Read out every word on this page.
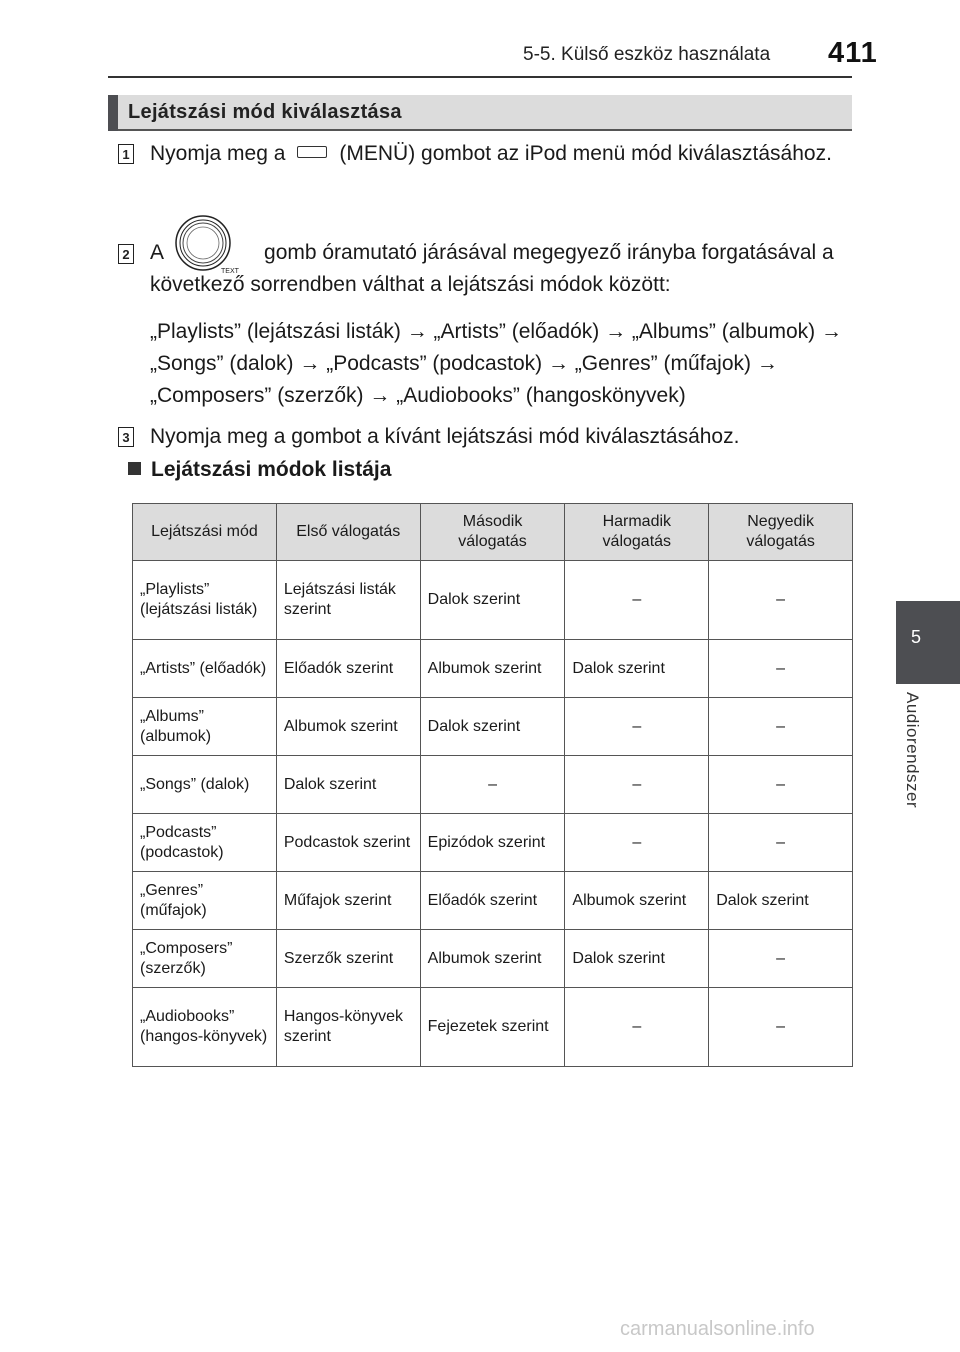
5-5. Külső eszköz használata 411
5
Audiorendszer
Lejátszási mód kiválasztása
1 Nyomja meg a	(MENÜ) gombot az iPod menü mód kiválasztásához.
2 A	gomb óramutató járásával megegyező irányba forgatásával a következő sorrendben válthat a lejátszási módok között:
TEXT
„Playlists” (lejátszási listák) → „Artists” (előadók) → „Albums” (albumok) → „Songs” (dalok) → „Podcasts” (podcastok) → „Genres” (műfajok) → „Composers” (szerzők) → „Audiobooks” (hangoskönyvek)
3 Nyomja meg a gombot a kívánt lejátszási mód kiválasztásához.
Lejátszási módok listája
Lejátszási mód	Első válogatás	Második válogatás	Harmadik válogatás	Negyedik válogatás
„Playlists” (lejátszási listák)	Lejátszási listák szerint	Dalok szerint	–	–
„Artists” (előadók)	Előadók szerint	Albumok szerint	Dalok szerint	–
„Albums” (albumok)	Albumok szerint	Dalok szerint	–	–
„Songs” (dalok)	Dalok szerint	–	–	–
„Podcasts” (podcastok)	Podcastok szerint	Epizódok szerint	–	–
„Genres” (műfajok)	Műfajok szerint	Előadók szerint	Albumok szerint	Dalok szerint
„Composers” (szerzők)	Szerzők szerint	Albumok szerint	Dalok szerint	–
„Audiobooks” (hangos-könyvek)	Hangos-könyvek szerint	Fejezetek szerint	–	–
carmanualsonline.info
